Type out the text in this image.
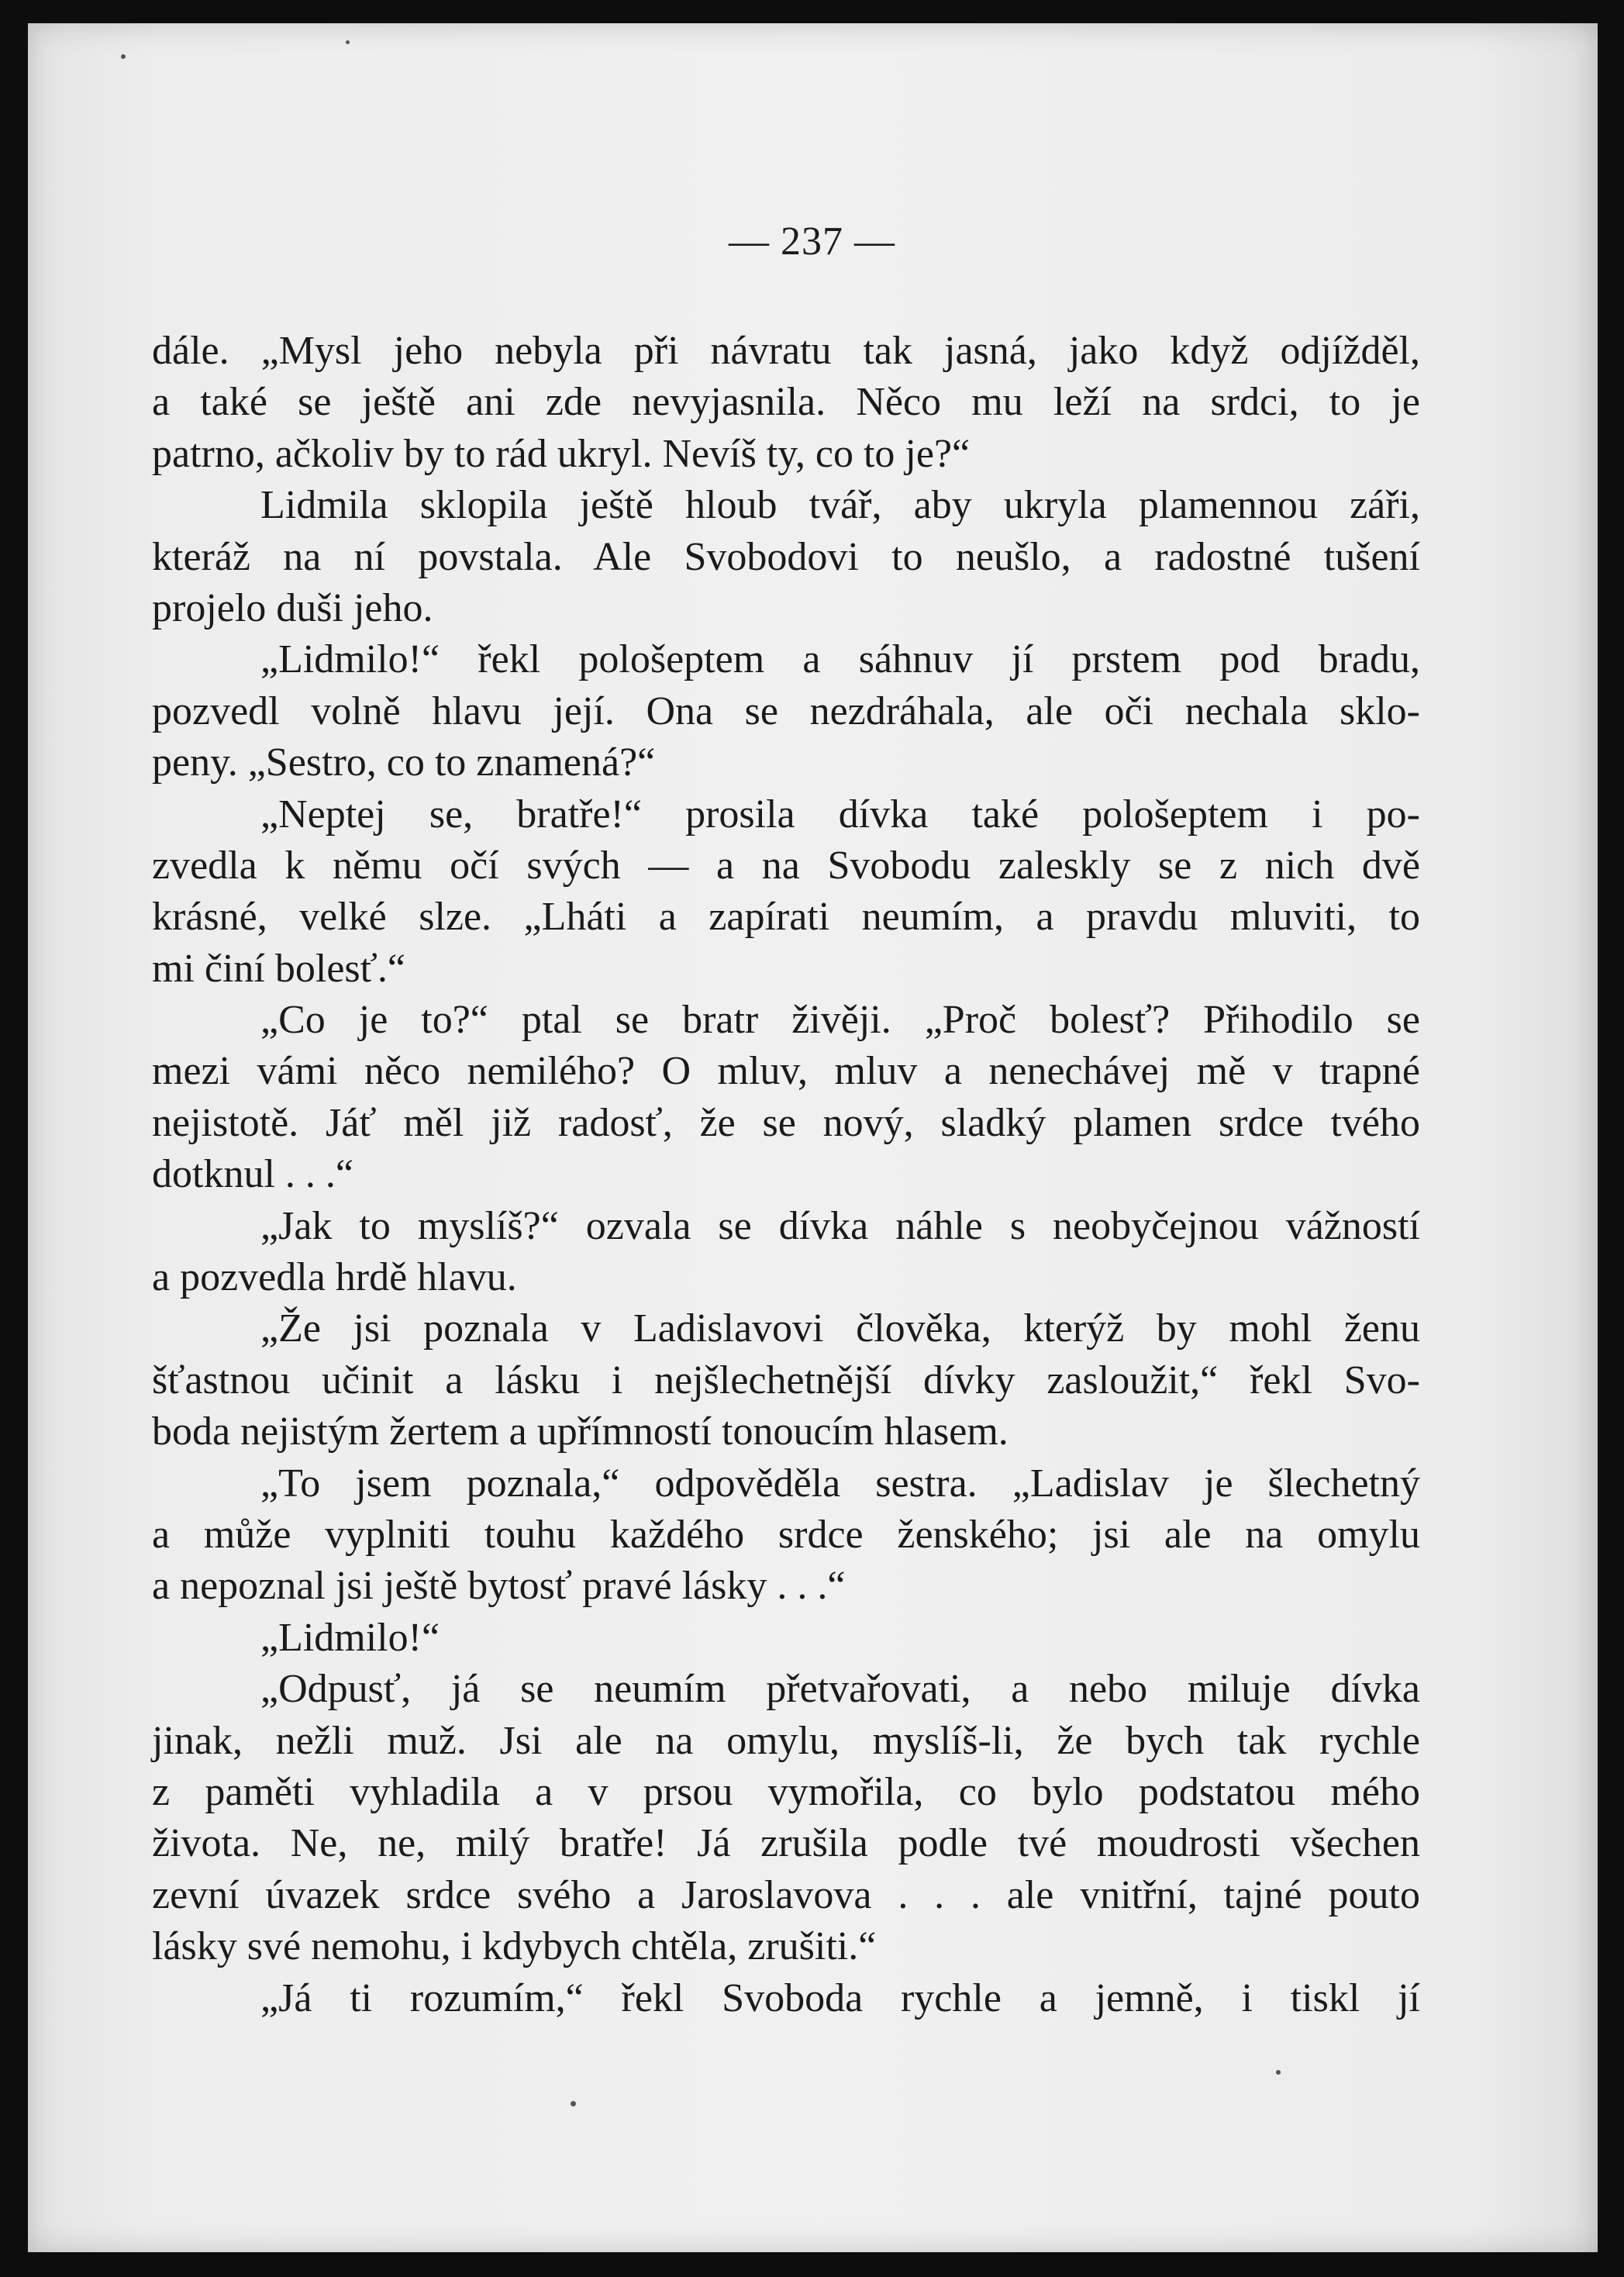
— 237 —
dále. „Mysl jeho nebyla při návratu tak jasná, jako když odjížděl,
a také se ještě ani zde nevyjasnila. Něco mu leží na srdci, to je
patrno, ačkoliv by to rád ukryl. Nevíš ty, co to je?“
Lidmila sklopila ještě hloub tvář, aby ukryla plamennou záři,
kteráž na ní povstala. Ale Svobodovi to neušlo, a radostné tušení
projelo duši jeho.
„Lidmilo!“ řekl pološeptem a sáhnuv jí prstem pod bradu,
pozvedl volně hlavu její. Ona se nezdráhala, ale oči nechala sklo-
peny. „Sestro, co to znamená?“
„Neptej se, bratře!“ prosila dívka také pološeptem i po-
zvedla k němu očí svých — a na Svobodu zaleskly se z nich dvě
krásné, velké slze. „Lháti a zapírati neumím, a pravdu mluviti, to
mi činí bolesť.“
„Co je to?“ ptal se bratr živěji. „Proč bolesť? Přihodilo se
mezi vámi něco nemilého? O mluv, mluv a nenechávej mě v trapné
nejistotě. Jáť měl již radosť, že se nový, sladký plamen srdce tvého
dotknul . . .“
„Jak to myslíš?“ ozvala se dívka náhle s neobyčejnou vážností
a pozvedla hrdě hlavu.
„Že jsi poznala v Ladislavovi člověka, kterýž by mohl ženu
šťastnou učinit a lásku i nejšlechetnější dívky zasloužit,“ řekl Svo-
boda nejistým žertem a upřímností tonoucím hlasem.
„To jsem poznala,“ odpověděla sestra. „Ladislav je šlechetný
a může vyplniti touhu každého srdce ženského; jsi ale na omylu
a nepoznal jsi ještě bytosť pravé lásky . . .“
„Lidmilo!“
„Odpusť, já se neumím přetvařovati, a nebo miluje dívka
jinak, nežli muž. Jsi ale na omylu, myslíš-li, že bych tak rychle
z paměti vyhladila a v prsou vymořila, co bylo podstatou mého
života. Ne, ne, milý bratře! Já zrušila podle tvé moudrosti všechen
zevní úvazek srdce svého a Jaroslavova . . . ale vnitřní, tajné pouto
lásky své nemohu, i kdybych chtěla, zrušiti.“
„Já ti rozumím,“ řekl Svoboda rychle a jemně, i tiskl jí
